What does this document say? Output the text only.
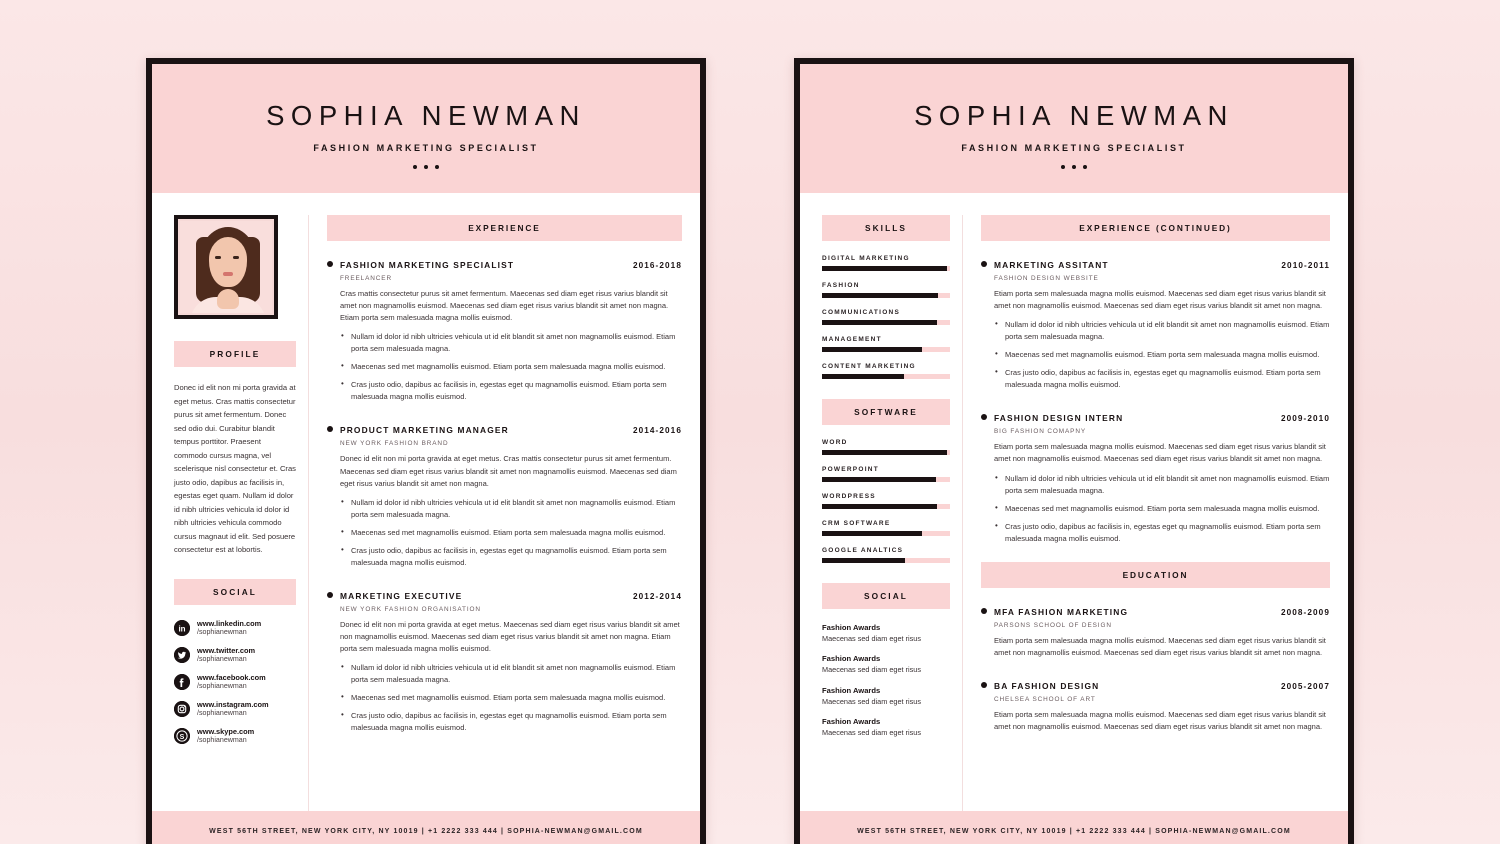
SOPHIA NEWMAN
FASHION MARKETING SPECIALIST
PROFILE
Donec id elit non mi porta gravida at eget metus. Cras mattis consectetur purus sit amet fermentum. Donec sed odio dui. Curabitur blandit tempus porttitor. Praesent commodo cursus magna, vel scelerisque nisl consectetur et. Cras justo odio, dapibus ac facilisis in, egestas eget quam. Nullam id dolor id nibh ultricies vehicula id dolor id nibh ultricies vehicula commodo cursus magnaut id elit. Sed posuere consectetur est at lobortis.
SOCIAL
in
www.linkedin.com
/sophianewman
www.twitter.com
/sophianewman
www.facebook.com
/sophianewman
www.instagram.com
/sophianewman
S
www.skype.com
/sophianewman
EXPERIENCE
FASHION MARKETING SPECIALIST
FREELANCER
2016-2018
Cras mattis consectetur purus sit amet fermentum. Maecenas sed diam eget risus varius blandit sit amet non magnamollis euismod. Maecenas sed diam eget risus varius blandit sit amet non magna. Etiam porta sem malesuada magna mollis euismod.
• Nullam id dolor id nibh ultricies vehicula ut id elit blandit sit amet non magnamollis euismod. Etiam porta sem malesuada magna.
• Maecenas sed met magnamollis euismod. Etiam porta sem malesuada magna mollis euismod.
• Cras justo odio, dapibus ac facilisis in, egestas eget qu magnamollis euismod. Etiam porta sem malesuada magna mollis euismod.
PRODUCT MARKETING MANAGER
NEW YORK FASHION BRAND
2014-2016
Donec id elit non mi porta gravida at eget metus. Cras mattis consectetur purus sit amet fermentum. Maecenas sed diam eget risus varius blandit sit amet non magnamollis euismod. Maecenas sed diam eget risus varius blandit sit amet non magna.
• Nullam id dolor id nibh ultricies vehicula ut id elit blandit sit amet non magnamollis euismod. Etiam porta sem malesuada magna.
• Maecenas sed met magnamollis euismod. Etiam porta sem malesuada magna mollis euismod.
• Cras justo odio, dapibus ac facilisis in, egestas eget qu magnamollis euismod. Etiam porta sem malesuada magna mollis euismod.
MARKETING EXECUTIVE
NEW YORK FASHION ORGANISATION
2012-2014
Donec id elit non mi porta gravida at eget metus. Maecenas sed diam eget risus varius blandit sit amet non magnamollis euismod. Maecenas sed diam eget risus varius blandit sit amet non magna. Etiam porta sem malesuada magna mollis euismod.
• Nullam id dolor id nibh ultricies vehicula ut id elit blandit sit amet non magnamollis euismod. Etiam porta sem malesuada magna.
• Maecenas sed met magnamollis euismod. Etiam porta sem malesuada magna mollis euismod.
• Cras justo odio, dapibus ac facilisis in, egestas eget qu magnamollis euismod. Etiam porta sem malesuada magna mollis euismod.
WEST 56TH STREET, NEW YORK CITY, NY 10019 | +1 2222 333 444 | SOPHIA-NEWMAN@GMAIL.COM
SOPHIA NEWMAN
FASHION MARKETING SPECIALIST
SKILLS
DIGITAL MARKETING
FASHION
COMMUNICATIONS
MANAGEMENT
CONTENT MARKETING
SOFTWARE
WORD
POWERPOINT
WORDPRESS
CRM SOFTWARE
GOOGLE ANALTICS
SOCIAL
Fashion Awards
Maecenas sed diam eget risus
Fashion Awards
Maecenas sed diam eget risus
Fashion Awards
Maecenas sed diam eget risus
Fashion Awards
Maecenas sed diam eget risus
EXPERIENCE (CONTINUED)
MARKETING ASSITANT
FASHION DESIGN WEBSITE
2010-2011
Etiam porta sem malesuada magna mollis euismod. Maecenas sed diam eget risus varius blandit sit amet non magnamollis euismod. Maecenas sed diam eget risus varius blandit sit amet non magna.
• Nullam id dolor id nibh ultricies vehicula ut id elit blandit sit amet non magnamollis euismod. Etiam porta sem malesuada magna.
• Maecenas sed met magnamollis euismod. Etiam porta sem malesuada magna mollis euismod.
• Cras justo odio, dapibus ac facilisis in, egestas eget qu magnamollis euismod. Etiam porta sem malesuada magna mollis euismod.
FASHION DESIGN INTERN
BIG FASHION COMAPNY
2009-2010
Etiam porta sem malesuada magna mollis euismod. Maecenas sed diam eget risus varius blandit sit amet non magnamollis euismod. Maecenas sed diam eget risus varius blandit sit amet non magna.
• Nullam id dolor id nibh ultricies vehicula ut id elit blandit sit amet non magnamollis euismod. Etiam porta sem malesuada magna.
• Maecenas sed met magnamollis euismod. Etiam porta sem malesuada magna mollis euismod.
• Cras justo odio, dapibus ac facilisis in, egestas eget qu magnamollis euismod. Etiam porta sem malesuada magna mollis euismod.
EDUCATION
MFA FASHION MARKETING
PARSONS SCHOOL OF DESIGN
2008-2009
Etiam porta sem malesuada magna mollis euismod. Maecenas sed diam eget risus varius blandit sit amet non magnamollis euismod. Maecenas sed diam eget risus varius blandit sit amet non magna.
BA FASHION DESIGN
CHELSEA SCHOOL OF ART
2005-2007
Etiam porta sem malesuada magna mollis euismod. Maecenas sed diam eget risus varius blandit sit amet non magnamollis euismod. Maecenas sed diam eget risus varius blandit sit amet non magna.
WEST 56TH STREET, NEW YORK CITY, NY 10019 | +1 2222 333 444 | SOPHIA-NEWMAN@GMAIL.COM
